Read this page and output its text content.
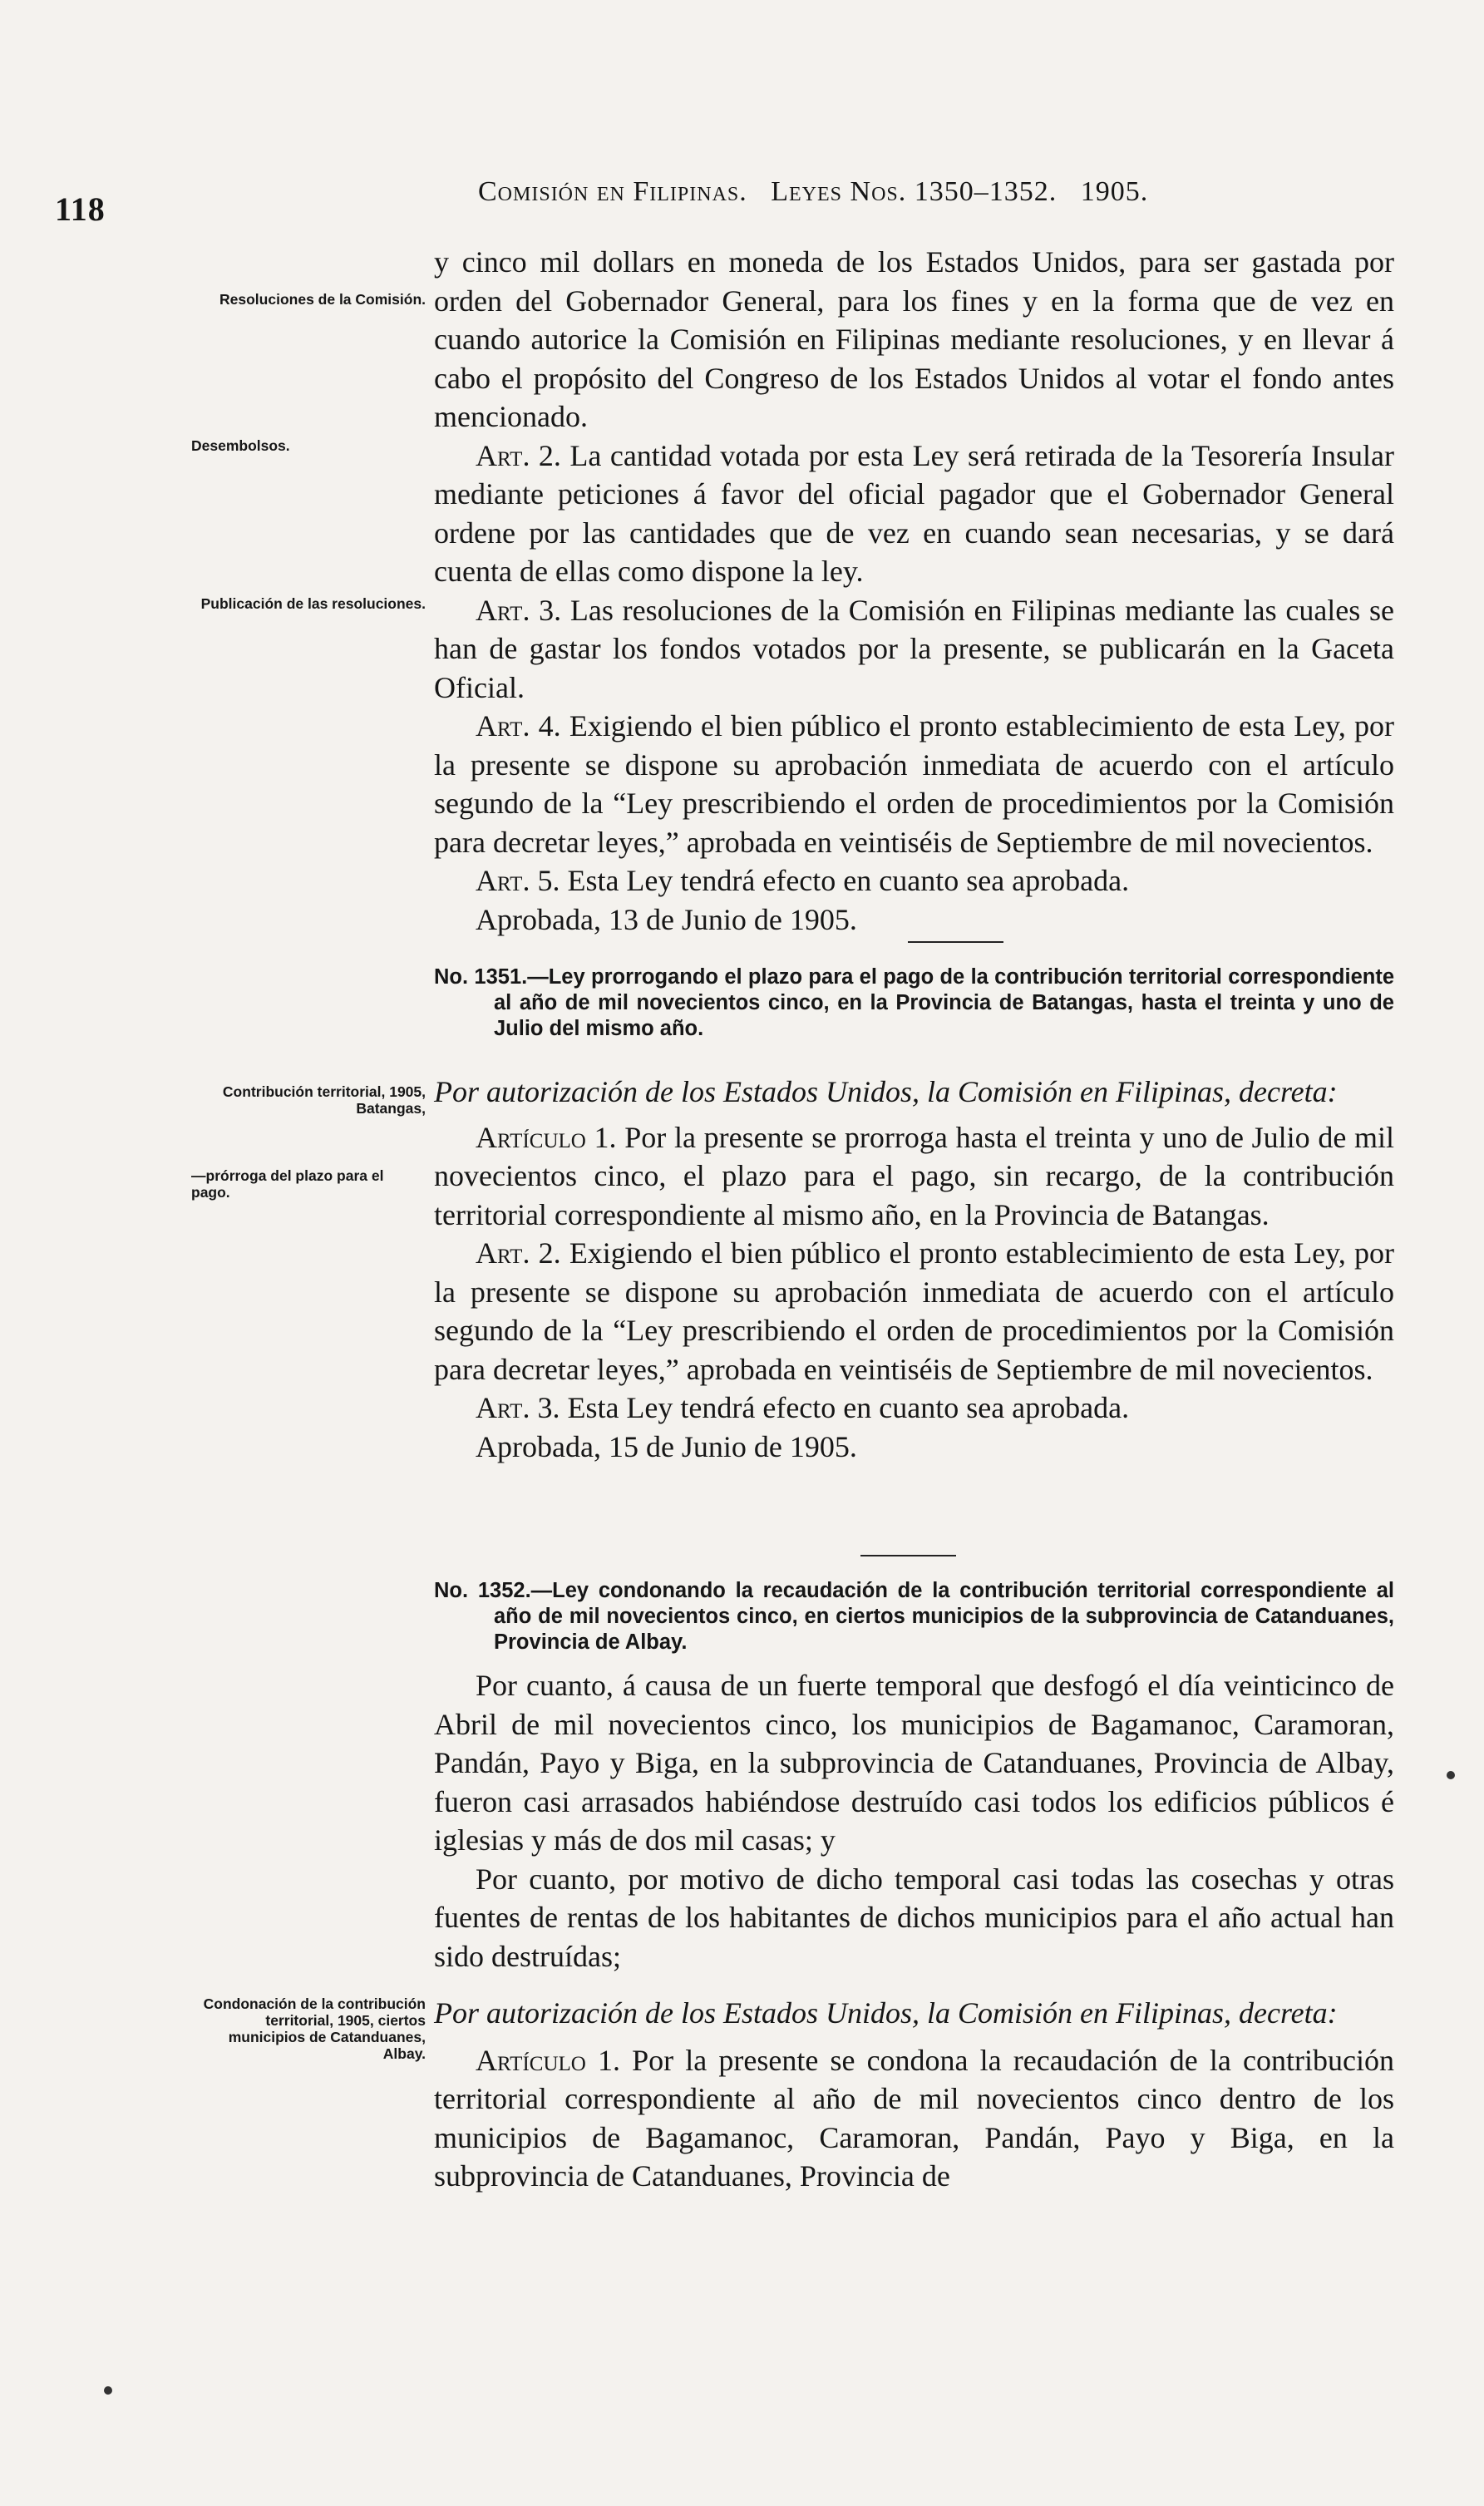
118	Comisión en Filipinas. Leyes Nos. 1350–1352. 1905.
Resoluciones de la Comisión.
Desembolsos.
Publicación de las resoluciones.
Contribución territorial, 1905, Batangas,
—prórroga del plazo para el pago.
Condonación de la contribución territorial, 1905, ciertos municipios de Catanduanes, Albay.

y cinco mil dollars en moneda de los Estados Unidos, para ser gastada por orden del Gobernador General, para los fines y en la forma que de vez en cuando autorice la Comisión en Filipinas mediante resoluciones, y en llevar á cabo el propósito del Congreso de los Estados Unidos al votar el fondo antes mencionado.

Art. 2. La cantidad votada por esta Ley será retirada de la Tesorería Insular mediante peticiones á favor del oficial pagador que el Gobernador General ordene por las cantidades que de vez en cuando sean necesarias, y se dará cuenta de ellas como dispone la ley.

Art. 3. Las resoluciones de la Comisión en Filipinas mediante las cuales se han de gastar los fondos votados por la presente, se publicarán en la Gaceta Oficial.

Art. 4. Exigiendo el bien público el pronto establecimiento de esta Ley, por la presente se dispone su aprobación inmediata de acuerdo con el artículo segundo de la “Ley prescribiendo el orden de procedimientos por la Comisión para decretar leyes,” aprobada en veintiséis de Septiembre de mil novecientos.

Art. 5. Esta Ley tendrá efecto en cuanto sea aprobada.

Aprobada, 13 de Junio de 1905.

No. 1351.—Ley prorrogando el plazo para el pago de la contribución territorial correspondiente al año de mil novecientos cinco, en la Provincia de Batangas, hasta el treinta y uno de Julio del mismo año.

Por autorización de los Estados Unidos, la Comisión en Filipinas, decreta:

Artículo 1. Por la presente se prorroga hasta el treinta y uno de Julio de mil novecientos cinco, el plazo para el pago, sin recargo, de la contribución territorial correspondiente al mismo año, en la Provincia de Batangas.

Art. 2. Exigiendo el bien público el pronto establecimiento de esta Ley, por la presente se dispone su aprobación inmediata de acuerdo con el artículo segundo de la “Ley prescribiendo el orden de procedimientos por la Comisión para decretar leyes,” aprobada en veintiséis de Septiembre de mil novecientos.

Art. 3. Esta Ley tendrá efecto en cuanto sea aprobada.

Aprobada, 15 de Junio de 1905.

No. 1352.—Ley condonando la recaudación de la contribución territorial correspondiente al año de mil novecientos cinco, en ciertos municipios de la subprovincia de Catanduanes, Provincia de Albay.

Por cuanto, á causa de un fuerte temporal que desfogó el día veinticinco de Abril de mil novecientos cinco, los municipios de Bagamanoc, Caramoran, Pandán, Payo y Biga, en la subprovincia de Catanduanes, Provincia de Albay, fueron casi arrasados habiéndose destruído casi todos los edificios públicos é iglesias y más de dos mil casas; y

Por cuanto, por motivo de dicho temporal casi todas las cosechas y otras fuentes de rentas de los habitantes de dichos municipios para el año actual han sido destruídas;

Por autorización de los Estados Unidos, la Comisión en Filipinas, decreta:

Artículo 1. Por la presente se condona la recaudación de la contribución territorial correspondiente al año de mil novecientos cinco dentro de los municipios de Bagamanoc, Caramoran, Pandán, Payo y Biga, en la subprovincia de Catanduanes, Provincia de
